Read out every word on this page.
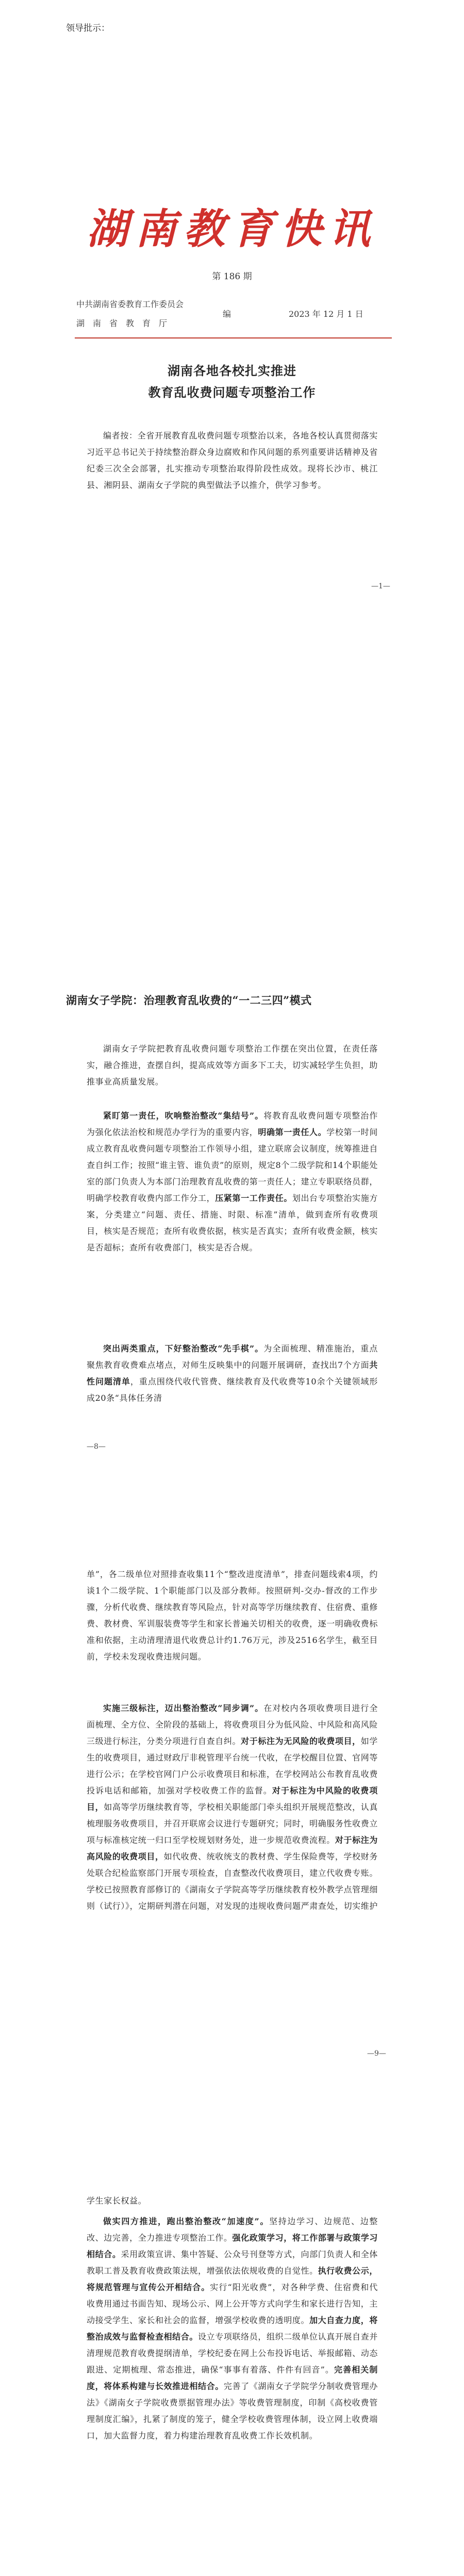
领导批示：
湖南教育快讯
第 186 期
中共湖南省委教育工作委员会
湖　南　省　教　育　厅
编	2023 年 12 月 1 日
湖南各地各校扎实推进
教育乱收费问题专项整治工作
编者按：全省开展教育乱收费问题专项整治以来，各地各校认真贯彻落实习近平总书记关于持续整治群众身边腐败和作风问题的系列重要讲话精神及省纪委三次全会部署，扎实推动专项整治取得阶段性成效。现将长沙市、桃江县、湘阴县、湖南女子学院的典型做法予以推介，供学习参考。
—1—
湖南女子学院：治理教育乱收费的“一二三四”模式
湖南女子学院把教育乱收费问题专项整治工作摆在突出位置，在责任落实，融合推进，查摆自纠，提高成效等方面多下工夫，切实减轻学生负担，助推事业高质量发展。
紧盯第一责任，吹响整治整改“集结号”。将教育乱收费问题专项整治作为强化依法治校和规范办学行为的重要内容，明确第一责任人。学校第一时间成立教育乱收费问题专项整治工作领导小组，建立联席会议制度，统筹推进自查自纠工作；按照“谁主管、谁负责”的原则，规定8个二级学院和14个职能处室的部门负责人为本部门治理教育乱收费的第一责任人；建立专职联络员群，明确学校教育收费内部工作分工，压紧第一工作责任。划出台专项整治实施方案，分类建立“问题、责任、措施、时限、标准”清单，做到查所有收费项目，核实是否规范；查所有收费依据，核实是否真实；查所有收费金额，核实是否超标；查所有收费部门，核实是否合规。
突出两类重点，下好整治整改“先手棋”。为全面梳理、精准施治，重点聚焦教育收费难点堵点，对师生反映集中的问题开展调研，查找出7个方面共性问题清单，重点围绕代收代管费、继续教育及代收费等10余个关键领域形成20条“具体任务清
—8—
单”，各二级单位对照排查收集11个“整改进度清单”，排查问题线索4项，约谈1个二级学院、1个职能部门以及部分教师。按照研判-交办-督改的工作步骤，分析代收费、继续教育等风险点，针对高等学历继续教育、住宿费、重修费、教材费、军训服装费等学生和家长普遍关切相关的收费，逐一明确收费标准和依据，主动清理清退代收费总计约1.76万元，涉及2516名学生，截至目前，学校未发现收费违规问题。
实施三级标注，迈出整治整改“同步调”。在对校内各项收费项目进行全面梳理、全方位、全阶段的基础上，将收费项目分为低风险、中风险和高风险三级进行标注，分类分项进行自查自纠。对于标注为无风险的收费项目，如学生的收费项目，通过财政厅非税管理平台统一代收，在学校醒目位置、官网等进行公示；在学校官网门户公示收费项目和标准，在学校网站公布教育乱收费投诉电话和邮箱，加强对学校收费工作的监督。对于标注为中风险的收费项目，如高等学历继续教育等，学校相关职能部门牵头组织开展规范整改，认真梳理服务收费项目，并召开联席会议进行专题研究；同时，明确服务性收费立项与标准核定统一归口至学校规划财务处，进一步规范收费流程。对于标注为高风险的收费项目，如代收费、统收统支的教材费、学生保险费等，学校财务处联合纪检监察部门开展专项检查，自查整改代收费项目，建立代收费专账。学校已按照教育部修订的《湖南女子学院高等学历继续教育校外教学点管理细则（试行）》，定期研判潜在问题，对发现的违规收费问题严肃查处，切实维护
—9—
学生家长权益。
做实四方推进，跑出整治整改“加速度”。坚持边学习、边规范、边整改、边完善，全力推进专项整治工作。强化政策学习，将工作部署与政策学习相结合。采用政策宣讲、集中答疑、公众号刊登等方式，向部门负责人和全体教职工普及教育收费政策法规，增强依法依规收费的自觉性。执行收费公示，将规范管理与宣传公开相结合。实行“阳光收费”，对各种学费、住宿费和代收费用通过书面告知、现场公示、网上公开等方式向学生和家长进行告知，主动接受学生、家长和社会的监督，增强学校收费的透明度。加大自查力度，将整治成效与监督检查相结合。设立专项联络员，组织二级单位认真开展自查并清理规范教育收费提纲清单，学校纪委在网上公布投诉电话、举报邮箱、动态跟进、定期梳理、常态推进，确保“事事有着落、件件有回音”。完善相关制度，将体系构建与长效推进相结合。完善了《湖南女子学院学分制收费管理办法》《湖南女子学院收费票据管理办法》等收费管理制度，印制《高校收费管理制度汇编》，扎紧了制度的笼子，健全学校收费管理体制，设立网上收费端口，加大监督力度，着力构建治理教育乱收费工作长效机制。
